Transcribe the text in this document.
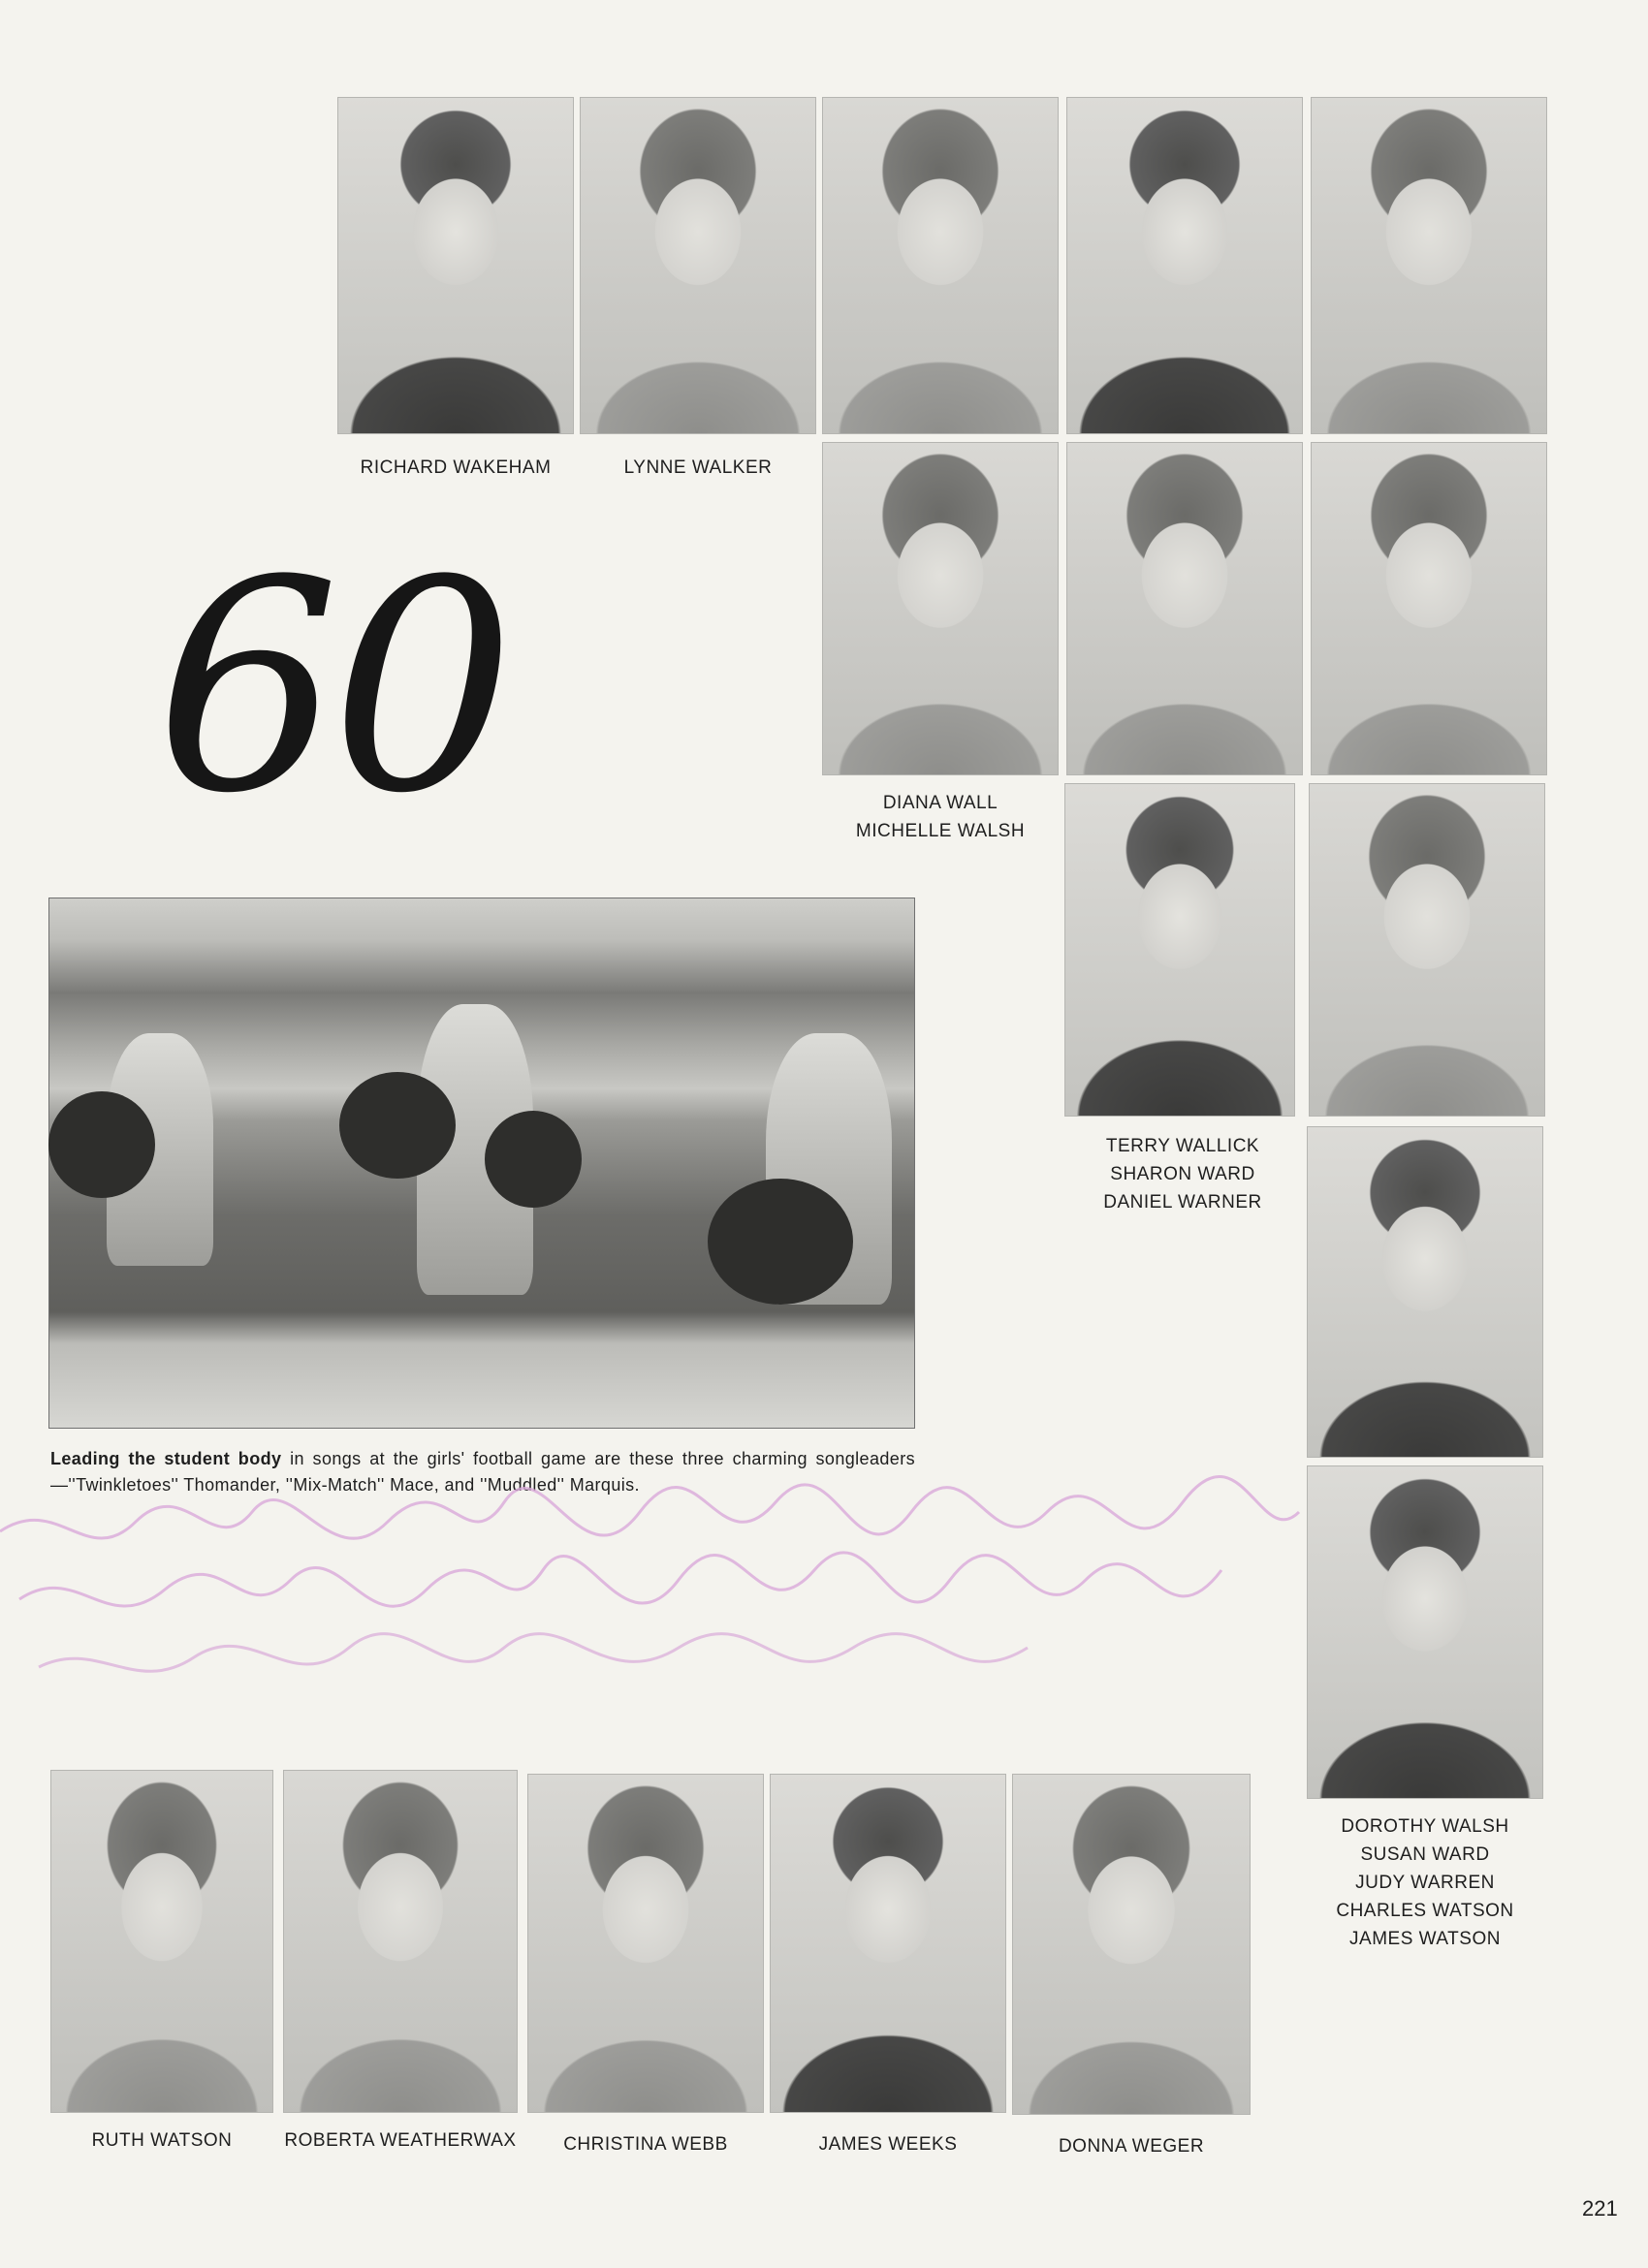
RICHARD WAKEHAM	LYNNE WALKER
60	DIANA WALL
MICHELLE WALSH
TERRY WALLICK
SHARON WARD
DANIEL WARNER
DOROTHY WALSH
SUSAN WARD
JUDY WARREN
CHARLES WATSON
JAMES WATSON
Leading the student body in songs at the girls' football game are these three charming songleaders—''Twinkletoes'' Thomander, ''Mix-Match'' Mace, and ''Muddled'' Marquis.
RUTH WATSON	ROBERTA WEATHERWAX	CHRISTINA WEBB	JAMES WEEKS	DONNA WEGER
221
